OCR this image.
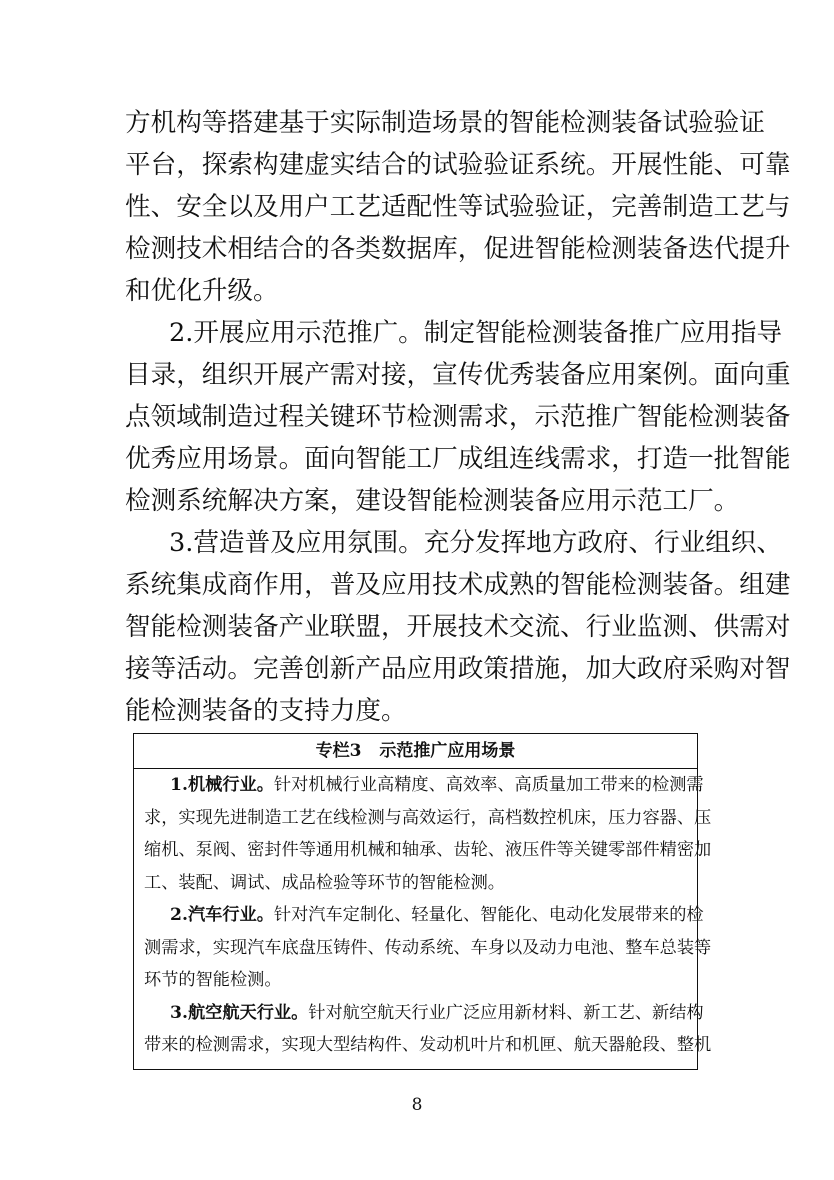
方机构等搭建基于实际制造场景的智能检测装备试验验证
平台，探索构建虚实结合的试验验证系统。开展性能、可靠
性、安全以及用户工艺适配性等试验验证，完善制造工艺与
检测技术相结合的各类数据库，促进智能检测装备迭代提升
和优化升级。
2.开展应用示范推广。制定智能检测装备推广应用指导
目录，组织开展产需对接，宣传优秀装备应用案例。面向重
点领域制造过程关键环节检测需求，示范推广智能检测装备
优秀应用场景。面向智能工厂成组连线需求，打造一批智能
检测系统解决方案，建设智能检测装备应用示范工厂。
3.营造普及应用氛围。充分发挥地方政府、行业组织、
系统集成商作用，普及应用技术成熟的智能检测装备。组建
智能检测装备产业联盟，开展技术交流、行业监测、供需对
接等活动。完善创新产品应用政策措施，加大政府采购对智
能检测装备的支持力度。
专栏3 示范推广应用场景
1.机械行业。针对机械行业高精度、高效率、高质量加工带来的检测需
求，实现先进制造工艺在线检测与高效运行，高档数控机床，压力容器、压
缩机、泵阀、密封件等通用机械和轴承、齿轮、液压件等关键零部件精密加
工、装配、调试、成品检验等环节的智能检测。
2.汽车行业。针对汽车定制化、轻量化、智能化、电动化发展带来的检
测需求，实现汽车底盘压铸件、传动系统、车身以及动力电池、整车总装等
环节的智能检测。
3.航空航天行业。针对航空航天行业广泛应用新材料、新工艺、新结构
带来的检测需求，实现大型结构件、发动机叶片和机匣、航天器舱段、整机
8
